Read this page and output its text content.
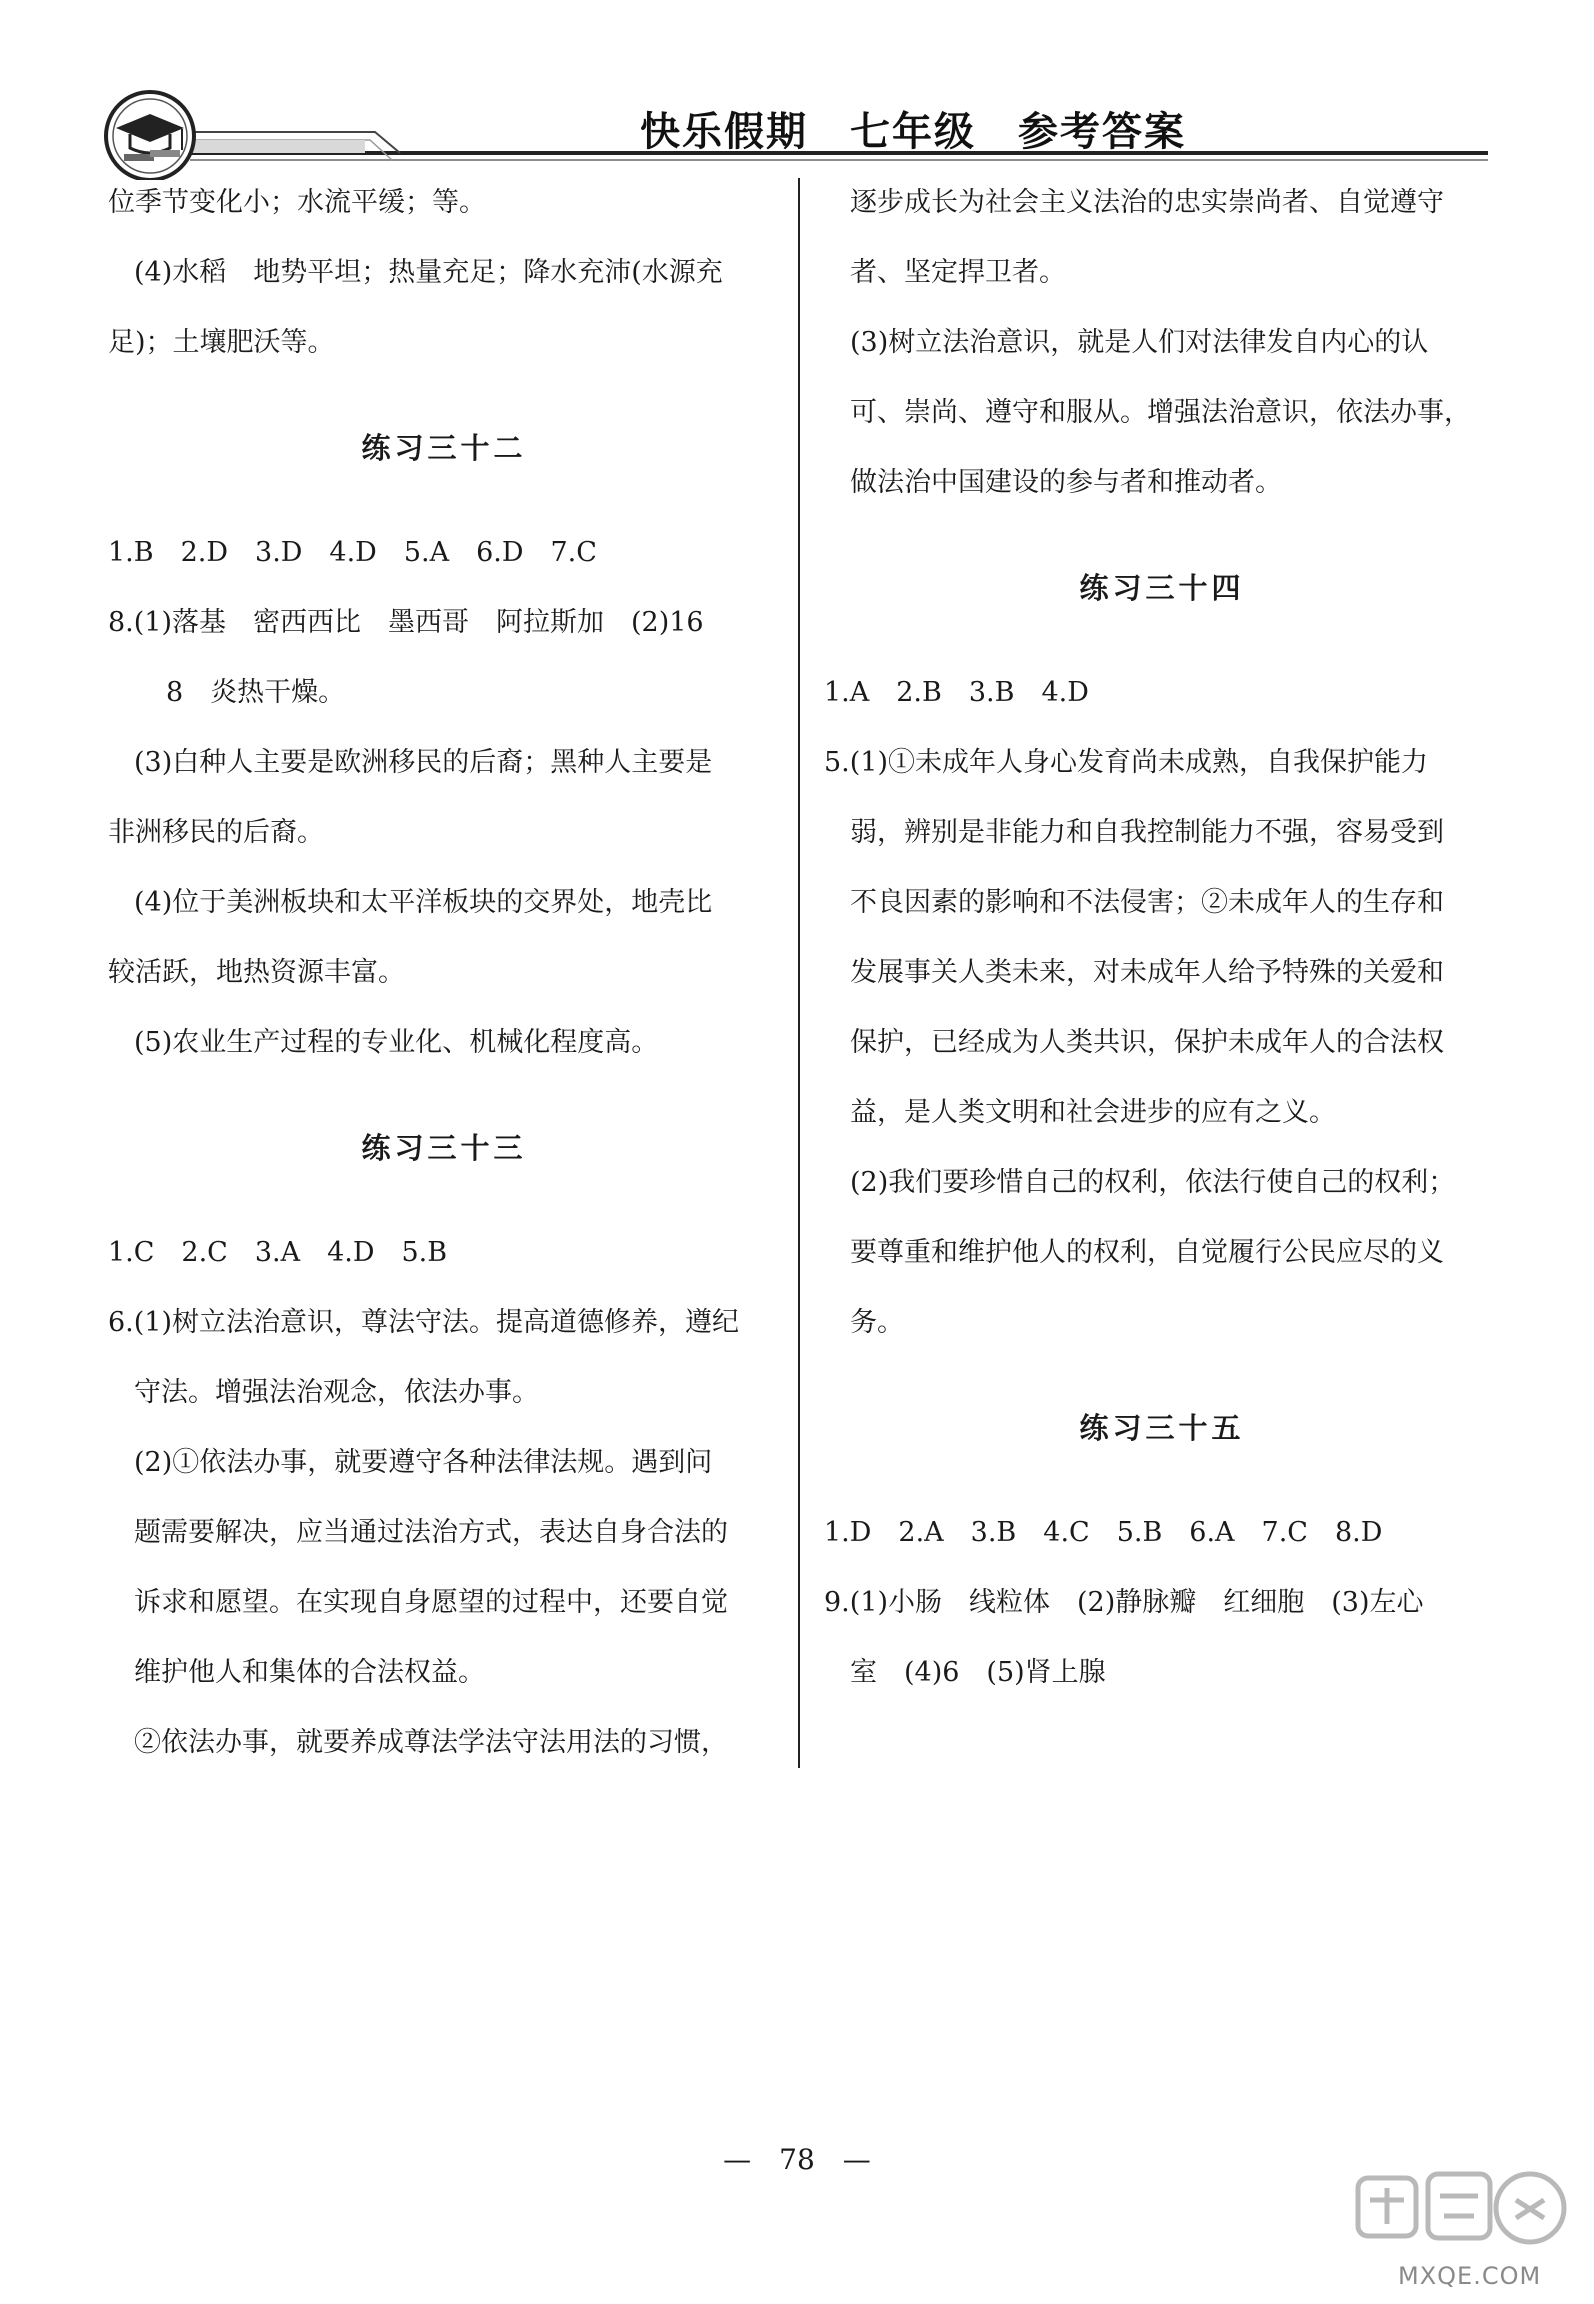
快乐假期　七年级　参考答案
位季节变化小；水流平缓；等。
(4)水稻　地势平坦；热量充足；降水充沛(水源充
足)；土壤肥沃等。
练习三十二
1.B　2.D　3.D　4.D　5.A　6.D　7.C
8.(1)落基　密西西比　墨西哥　阿拉斯加　(2)16
8　炎热干燥。
(3)白种人主要是欧洲移民的后裔；黑种人主要是
非洲移民的后裔。
(4)位于美洲板块和太平洋板块的交界处，地壳比
较活跃，地热资源丰富。
(5)农业生产过程的专业化、机械化程度高。
练习三十三
1.C　2.C　3.A　4.D　5.B
6.(1)树立法治意识，尊法守法。提高道德修养，遵纪
守法。增强法治观念，依法办事。
(2)①依法办事，就要遵守各种法律法规。遇到问
题需要解决，应当通过法治方式，表达自身合法的
诉求和愿望。在实现自身愿望的过程中，还要自觉
维护他人和集体的合法权益。
②依法办事，就要养成尊法学法守法用法的习惯，
逐步成长为社会主义法治的忠实崇尚者、自觉遵守
者、坚定捍卫者。
(3)树立法治意识，就是人们对法律发自内心的认
可、崇尚、遵守和服从。增强法治意识，依法办事，
做法治中国建设的参与者和推动者。
练习三十四
1.A　2.B　3.B　4.D
5.(1)①未成年人身心发育尚未成熟，自我保护能力
弱，辨别是非能力和自我控制能力不强，容易受到
不良因素的影响和不法侵害；②未成年人的生存和
发展事关人类未来，对未成年人给予特殊的关爱和
保护，已经成为人类共识，保护未成年人的合法权
益，是人类文明和社会进步的应有之义。
(2)我们要珍惜自己的权利，依法行使自己的权利；
要尊重和维护他人的权利，自觉履行公民应尽的义
务。
练习三十五
1.D　2.A　3.B　4.C　5.B　6.A　7.C　8.D
9.(1)小肠　线粒体　(2)静脉瓣　红细胞　(3)左心
室　(4)6　(5)肾上腺
—　78　—
MXQE.COM
